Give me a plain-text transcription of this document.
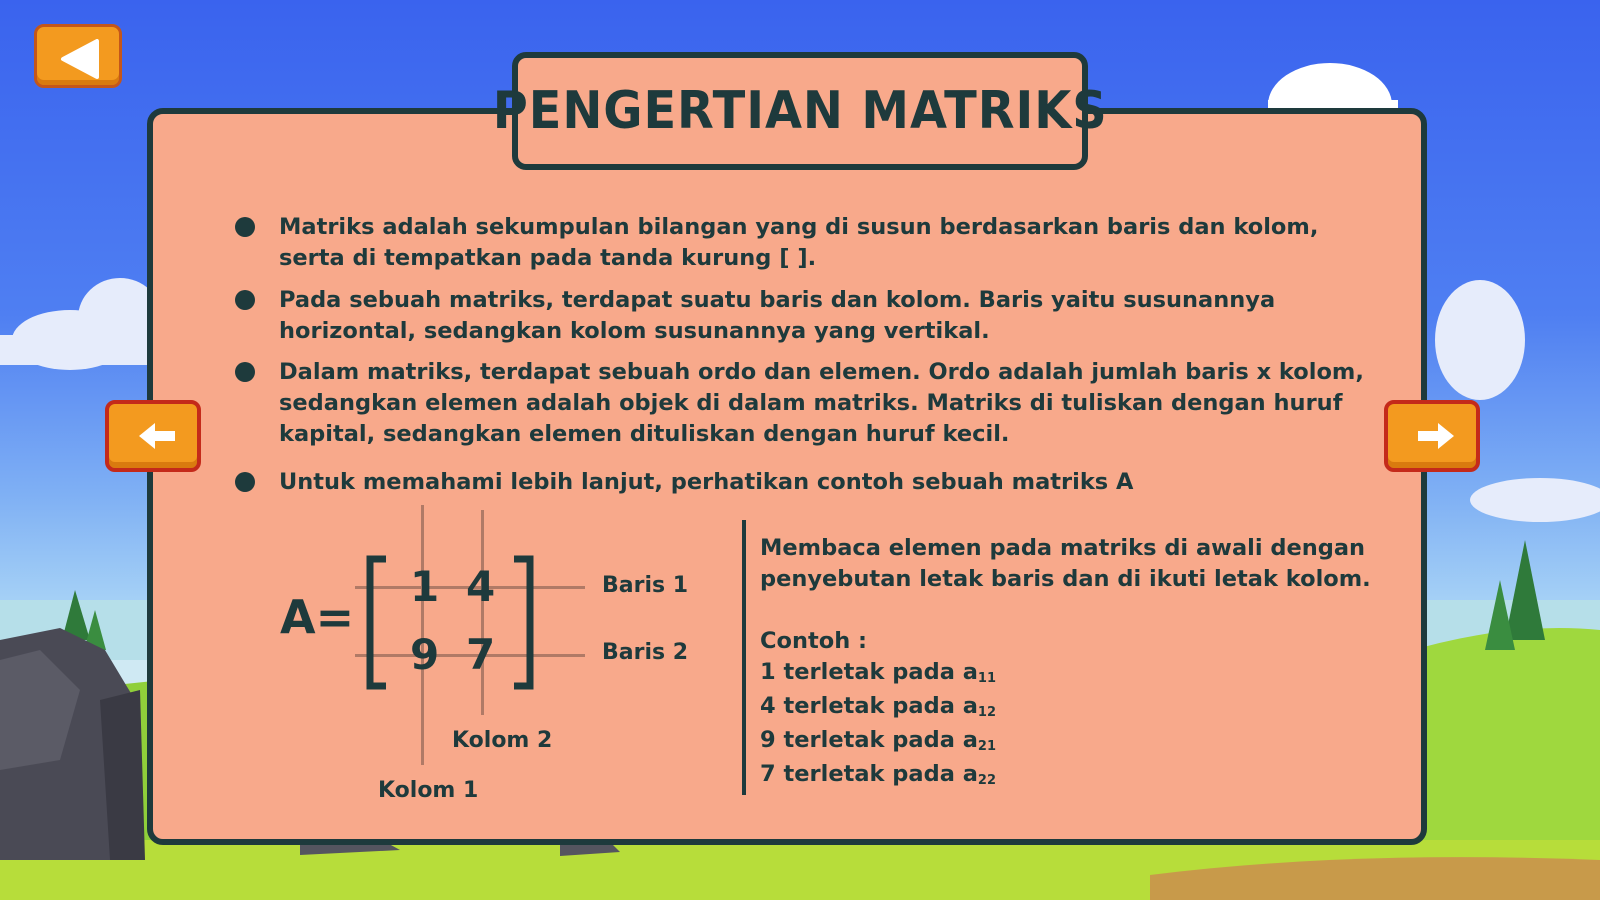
PENGERTIAN MATRIKS
Matriks adalah sekumpulan bilangan yang di susun berdasarkan baris dan kolom,
serta di tempatkan pada tanda kurung [ ].
Pada sebuah matriks, terdapat suatu baris dan kolom. Baris yaitu susunannya
horizontal, sedangkan kolom susunannya yang vertikal.
Dalam matriks, terdapat sebuah ordo dan elemen. Ordo adalah jumlah baris x kolom,
sedangkan elemen adalah objek di dalam matriks. Matriks di tuliskan dengan huruf
kapital, sedangkan elemen dituliskan dengan huruf kecil.
Untuk memahami lebih lanjut, perhatikan contoh sebuah matriks A
A=
1 4
9 7
Baris 1
Baris 2
Kolom 2
Kolom 1

Membaca elemen pada matriks di awali dengan penyebutan letak baris dan di ikuti letak kolom.

Contoh :

1 terletak pada $a_{11}$
4 terletak pada $a_{12}$
9 terletak pada $a_{21}$
7 terletak pada $a_{22}$
